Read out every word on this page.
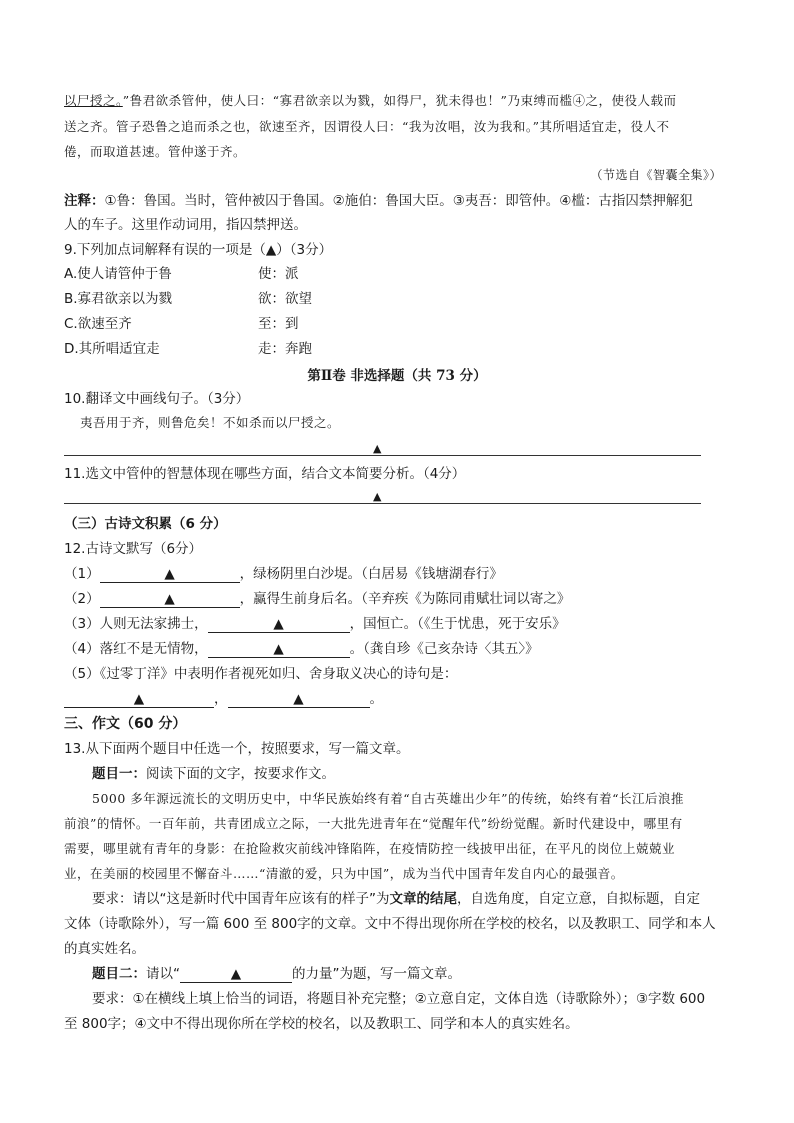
以尸授之。”鲁君欲杀管仲，使人曰：“寡君欲亲以为戮，如得尸，犹未得也！”乃束缚而槛④之，使役人载而
送之齐。管子恐鲁之追而杀之也，欲速至齐，因谓役人曰：“我为汝唱，汝为我和。”其所唱适宜走，役人不
倦，而取道甚速。管仲遂于齐。
（节选自《智囊全集》）
注释：①鲁：鲁国。当时，管仲被囚于鲁国。②施伯：鲁国大臣。③夷吾：即管仲。④槛：古指囚禁押解犯
人的车子。这里作动词用，指囚禁押送。
9.下列加点词解释有误的一项是（▲）（3分）
A.使人请管仲于鲁	使：派
B.寡君欲亲以为戮	欲：欲望
C.欲速至齐	至：到
D.其所唱适宜走	走：奔跑
第Ⅱ卷 非选择题（共 73 分）
10.翻译文中画线句子。（3分）
夷吾用于齐，则鲁危矣！不如杀而以尸授之。
▲
11.选文中管仲的智慧体现在哪些方面，结合文本简要分析。（4分）
▲
（三）古诗文积累（6 分）
12.古诗文默写（6分）
（1）	▲	，绿杨阴里白沙堤。（白居易《钱塘湖春行》
（2）	▲	，赢得生前身后名。（辛弃疾《为陈同甫赋壮词以寄之》
（3）人则无法家拂士，	▲	，国恒亡。（《生于忧患，死于安乐》
（4）落红不是无情物，	▲	。（龚自珍《己亥杂诗〈其五〉》
（5）《过零丁洋》中表明作者视死如归、舍身取义决心的诗句是：
▲	，	▲	。
三、作文（60 分）
13.从下面两个题目中任选一个，按照要求，写一篇文章。
题目一：阅读下面的文字，按要求作文。
5000 多年源远流长的文明历史中，中华民族始终有着“自古英雄出少年”的传统，始终有着“长江后浪推
前浪”的情怀。一百年前，共青团成立之际，一大批先进青年在“觉醒年代”纷纷觉醒。新时代建设中，哪里有
需要，哪里就有青年的身影：在抢险救灾前线冲锋陷阵，在疫情防控一线披甲出征，在平凡的岗位上兢兢业
业，在美丽的校园里不懈奋斗……“清澈的爱，只为中国”，成为当代中国青年发自内心的最强音。
要求：请以“这是新时代中国青年应该有的样子”为文章的结尾，自选角度，自定立意，自拟标题，自定
文体（诗歌除外），写一篇 600 至 800字的文章。文中不得出现你所在学校的校名，以及教职工、同学和本人
的真实姓名。
题目二：请以“	▲	的力量”为题，写一篇文章。
要求：①在横线上填上恰当的词语，将题目补充完整；②立意自定，文体自选（诗歌除外）；③字数 600
至 800字；④文中不得出现你所在学校的校名，以及教职工、同学和本人的真实姓名。
